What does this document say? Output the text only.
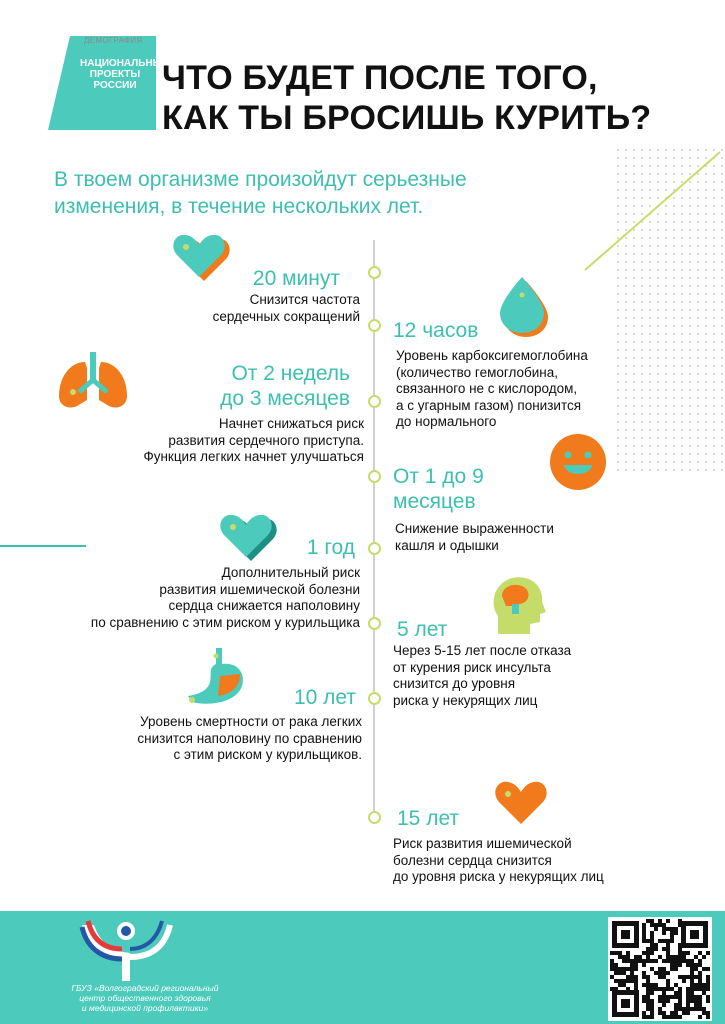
ДЕМОГРАФИЯ
НАЦИОНАЛЬНЫЕ ПРОЕКТЫ РОССИИ ЧТО БУДЕТ ПОСЛЕ ТОГО,
КАК ТЫ БРОСИШЬ КУРИТЬ?
В твоем организме произойдут серьезные
изменения, в течение нескольких лет.
20 минут
Снизится частота
сердечных сокращений
12 часов
Уровень карбоксигемоглобина
(количество гемоглобина,
связанного не с кислородом,
а с угарным газом) понизится
до нормального
От 2 недель
до 3 месяцев
Начнет снижаться риск
развития сердечного приступа.
Функция легких начнет улучшаться
От 1 до 9
месяцев
Снижение выраженности
кашля и одышки
1 год
Дополнительный риск
развития ишемической болезни
сердца снижается наполовину
по сравнению с этим риском у курильщика 5 лет
Через 5-15 лет после отказа
от курения риск инсульта
снизится до уровня
риска у некурящих лиц
10 лет
Уровень смертности от рака легких
снизится наполовину по сравнению
с этим риском у курильщиков.
15 лет
Риск развития ишемической
болезни сердца снизится
до уровня риска у некурящих лиц
ГБУЗ «Волгоградский региональный
центр общественного здоровья
и медицинской профилактики»
